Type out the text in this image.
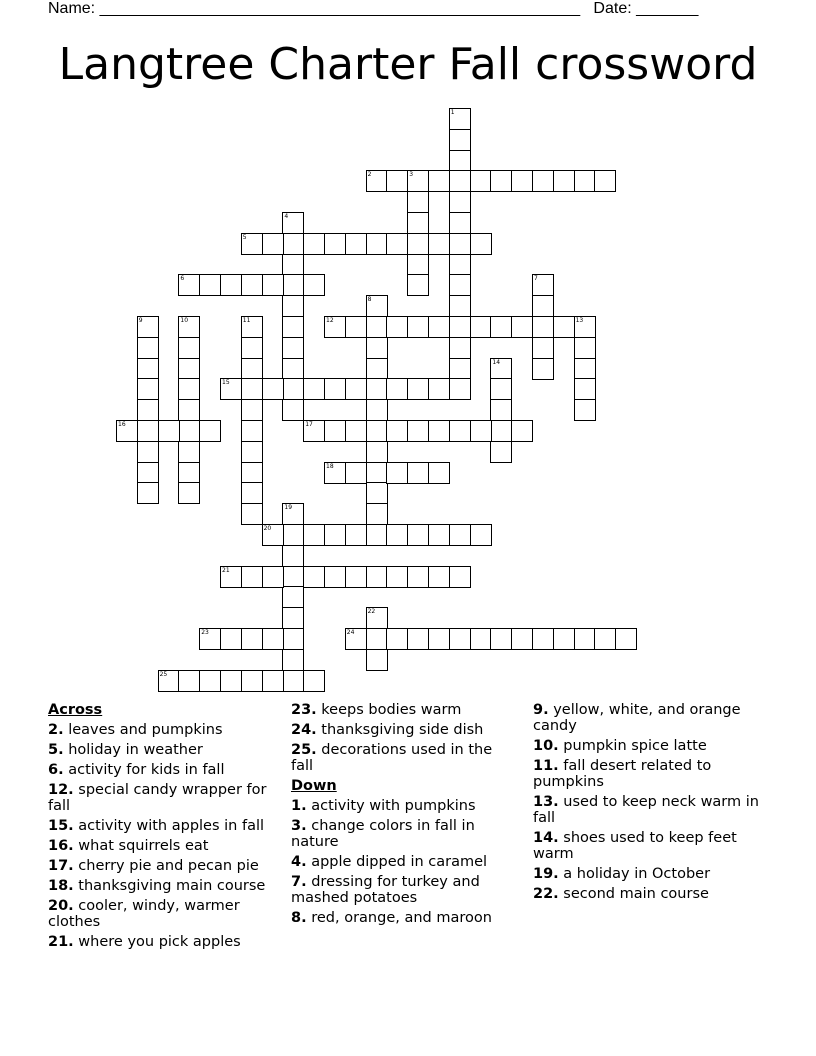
Name: ______________________________________________________   Date: _______
Langtree Charter Fall crossword
1
2	3
4
5
6	7
8
9	10	11	12	13
14
15
16	17
18
19
20
21
22
23	24
25
Across
2. leaves and pumpkins
5. holiday in weather
6. activity for kids in fall
12. special candy wrapper for fall
15. activity with apples in fall
16. what squirrels eat
17. cherry pie and pecan pie
18. thanksgiving main course
20. cooler, windy, warmer clothes
21. where you pick apples
23. keeps bodies warm
24. thanksgiving side dish
25. decorations used in the fall
Down
1. activity with pumpkins
3. change colors in fall in nature
4. apple dipped in caramel
7. dressing for turkey and mashed potatoes
8. red, orange, and maroon
9. yellow, white, and orange candy
10. pumpkin spice latte
11. fall desert related to pumpkins
13. used to keep neck warm in fall
14. shoes used to keep feet warm
19. a holiday in October
22. second main course
